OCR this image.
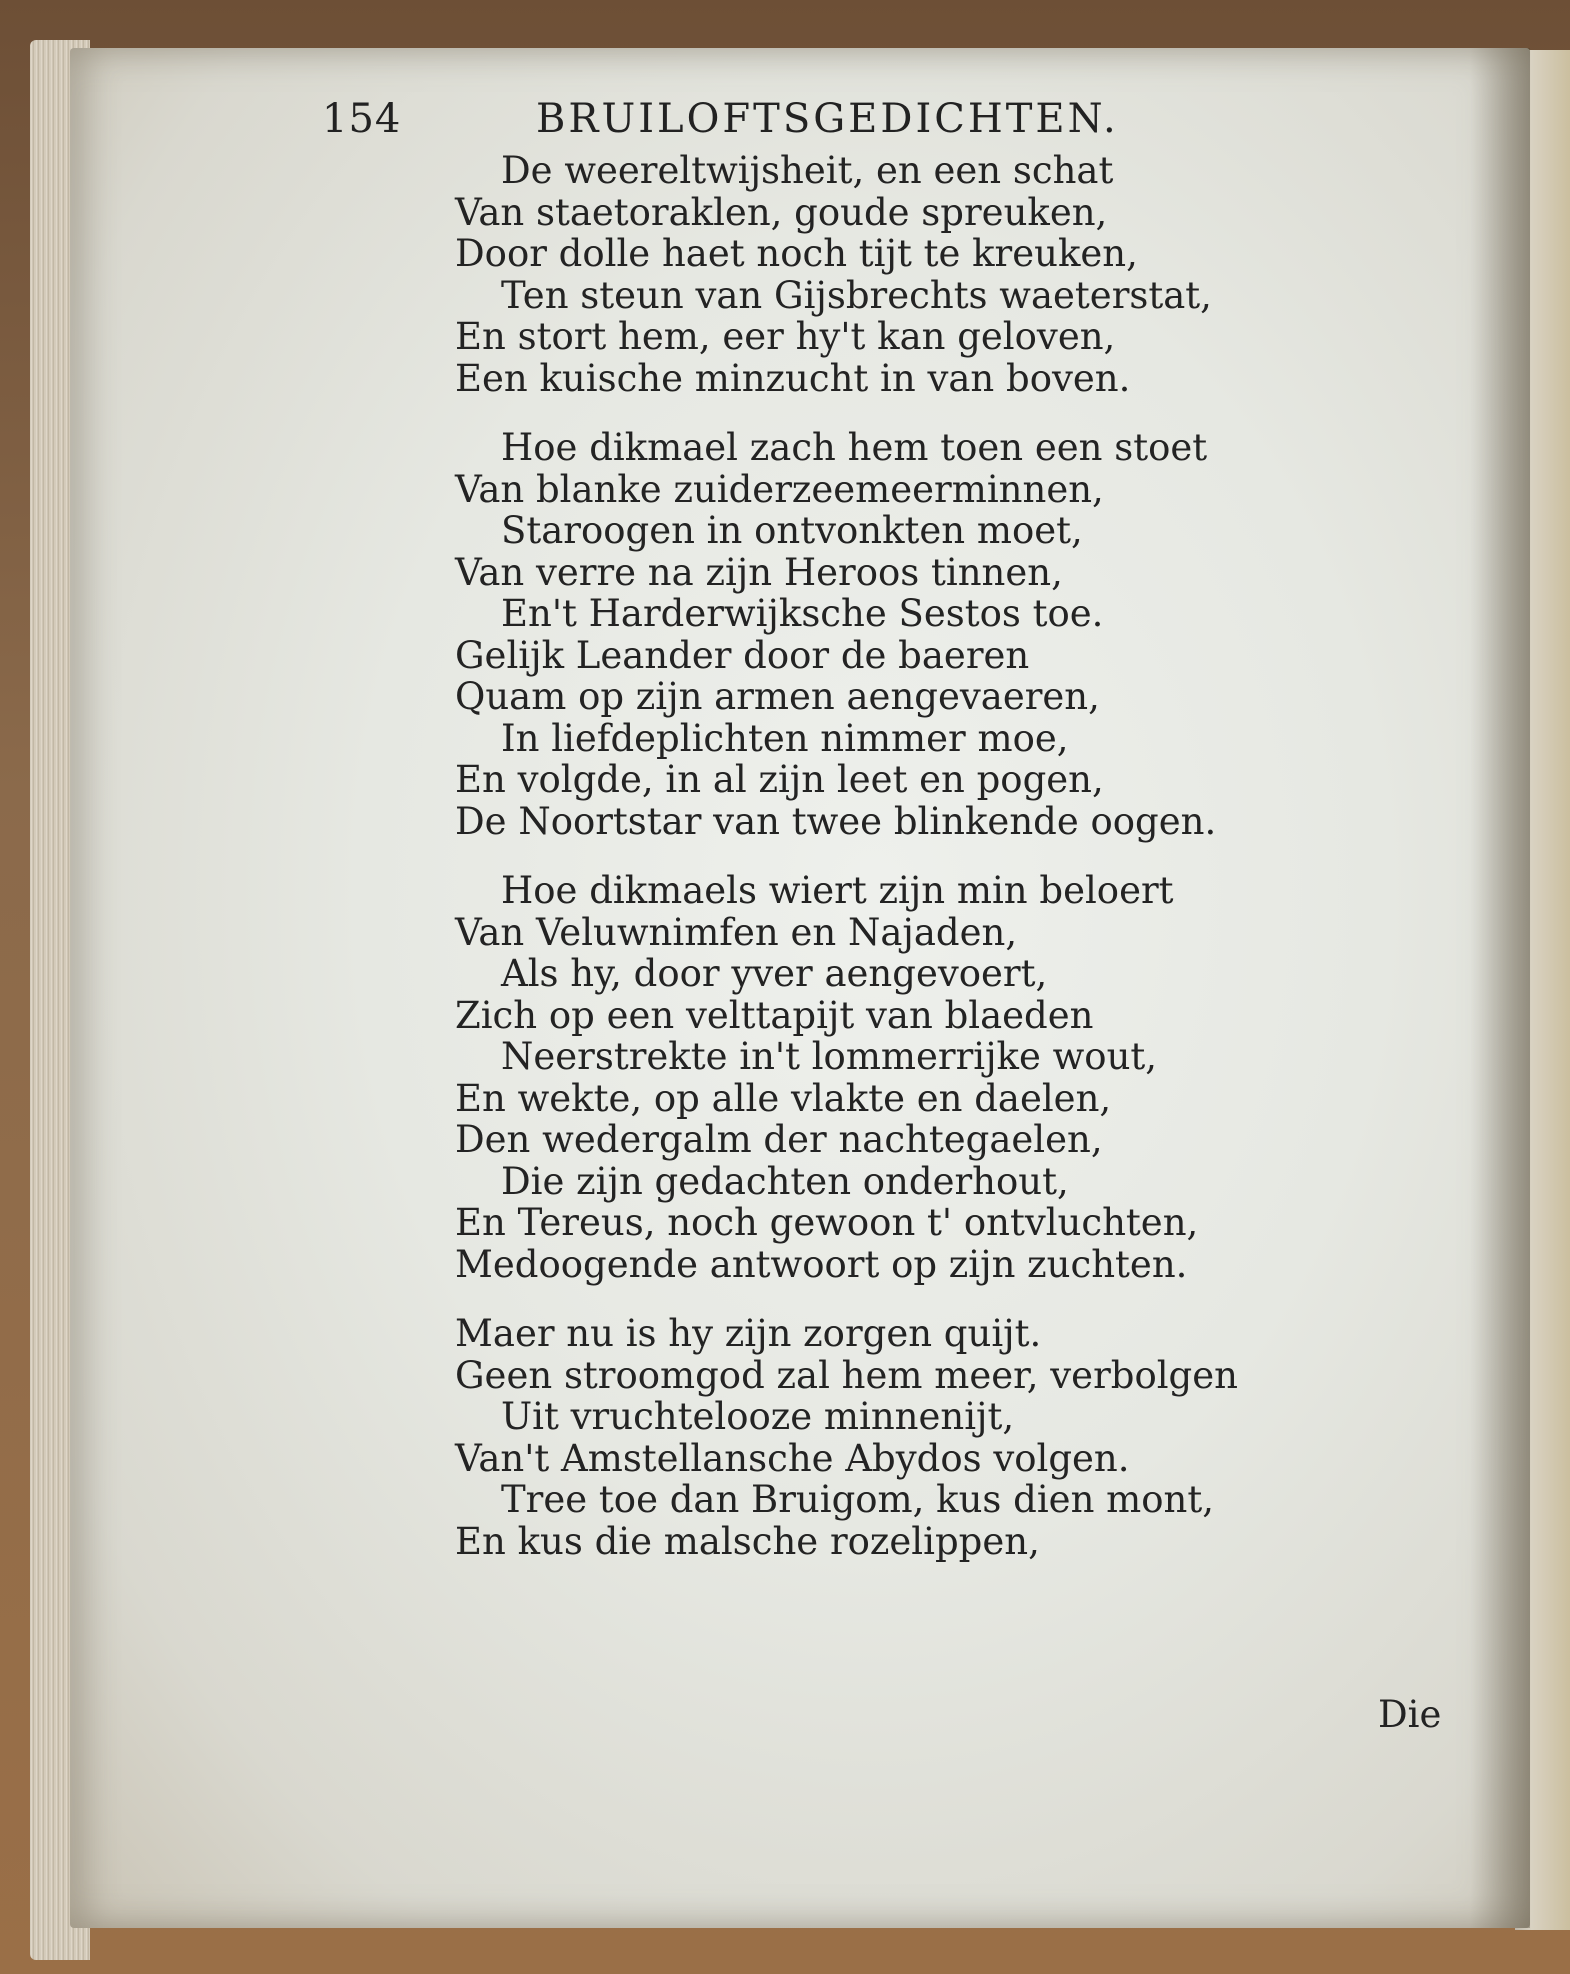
154	BRUILOFTSGEDICHTEN.
De weereltwijsheit, en een schat
Van staetoraklen, goude spreuken,
Door dolle haet noch tijt te kreuken,
Ten steun van Gijsbrechts waeterstat,
En stort hem, eer hy't kan geloven,
Een kuische minzucht in van boven.
Hoe dikmael zach hem toen een stoet
Van blanke zuiderzeemeerminnen,
Staroogen in ontvonkten moet,
Van verre na zijn Heroos tinnen,
En't Harderwijksche Sestos toe.
Gelijk Leander door de baeren
Quam op zijn armen aengevaeren,
In liefdeplichten nimmer moe,
En volgde, in al zijn leet en pogen,
De Noortstar van twee blinkende oogen.
Hoe dikmaels wiert zijn min beloert
Van Veluwnimfen en Najaden,
Als hy, door yver aengevoert,
Zich op een velttapijt van blaeden
Neerstrekte in't lommerrijke wout,
En wekte, op alle vlakte en daelen,
Den wedergalm der nachtegaelen,
Die zijn gedachten onderhout,
En Tereus, noch gewoon t' ontvluchten,
Medoogende antwoort op zijn zuchten.
Maer nu is hy zijn zorgen quijt.
Geen stroomgod zal hem meer, verbolgen
Uit vruchtelooze minnenijt,
Van't Amstellansche Abydos volgen.
Tree toe dan Bruigom, kus dien mont,
En kus die malsche rozelippen,
Die
